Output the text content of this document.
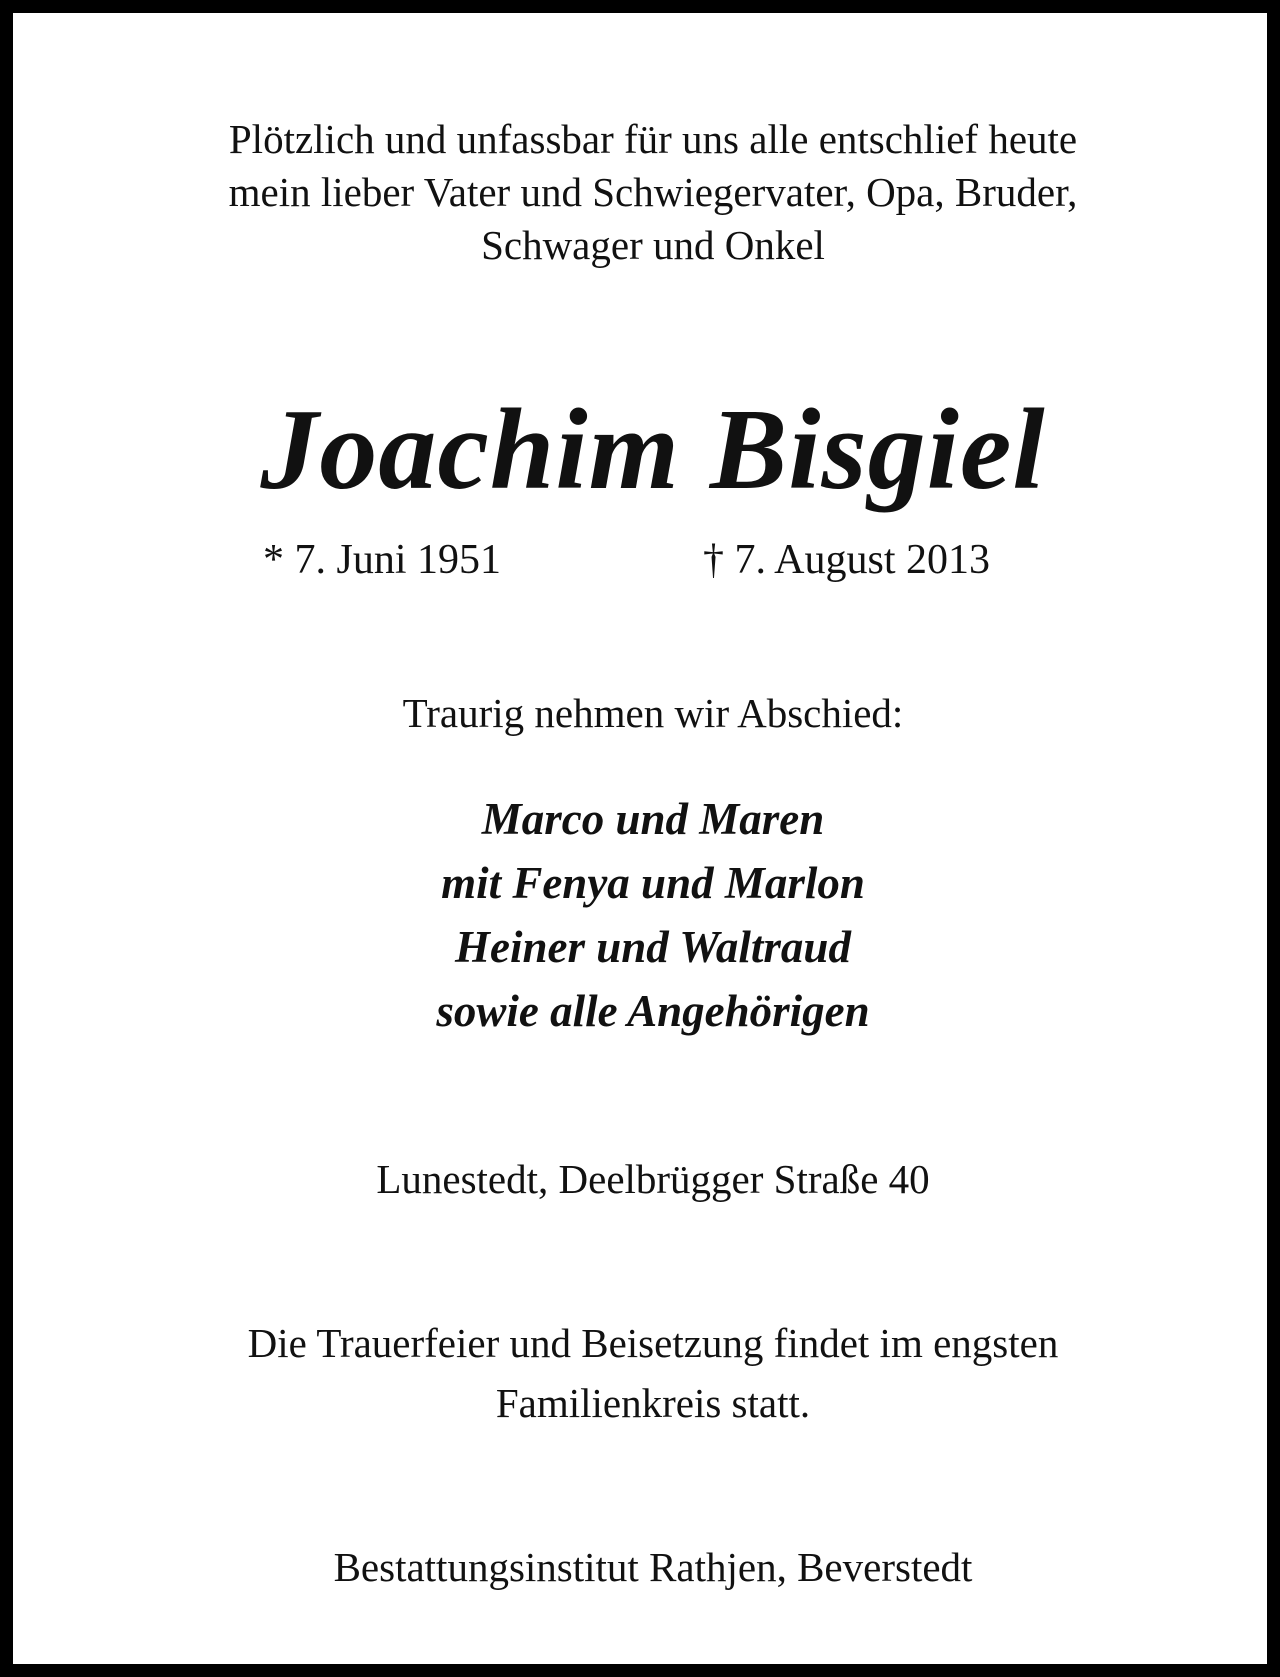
Plötzlich und unfassbar für uns alle entschlief heute
mein lieber Vater und Schwiegervater, Opa, Bruder,
Schwager und Onkel
Joachim Bisgiel
* 7. Juni 1951	† 7. August 2013
Traurig nehmen wir Abschied:
Marco und Maren
mit Fenya und Marlon
Heiner und Waltraud
sowie alle Angehörigen
Lunestedt, Deelbrügger Straße 40
Die Trauerfeier und Beisetzung findet im engsten
Familienkreis statt.
Bestattungsinstitut Rathjen, Beverstedt
